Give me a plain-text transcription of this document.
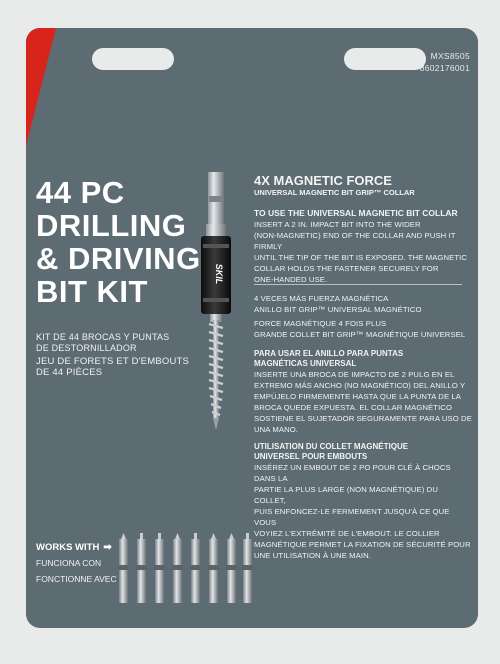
MXS8505
8602176001
44 PC
DRILLING
& DRIVING
BIT KIT
KIT DE 44 BROCAS Y PUNTAS
DE DESTORNILLADOR
JEU DE FORETS ET D'EMBOUTS
DE 44 PIÈCES
SKIL
4X MAGNETIC FORCE
UNIVERSAL MAGNETIC BIT GRIP™ COLLAR
TO USE THE UNIVERSAL MAGNETIC BIT COLLAR
INSERT A 2 IN. IMPACT BIT INTO THE WIDER
(NON-MAGNETIC) END OF THE COLLAR AND PUSH IT FIRMLY
UNTIL THE TIP OF THE BIT IS EXPOSED. THE MAGNETIC
COLLAR HOLDS THE FASTENER SECURELY FOR
ONE-HANDED USE.
4 VECES MÁS FUERZA MAGNÉTICA
ANILLO BIT GRIP™ UNIVERSAL MAGNÉTICO
FORCE MAGNÉTIQUE 4 FOIS PLUS
GRANDE COLLET BIT GRIP™ MAGNÉTIQUE UNIVERSEL
PARA USAR EL ANILLO PARA PUNTAS
MAGNÉTICAS UNIVERSAL
INSERTE UNA BROCA DE IMPACTO DE 2 PULG EN EL
EXTREMO MÁS ANCHO (NO MAGNÉTICO) DEL ANILLO Y
EMPÚJELO FIRMEMENTE HASTA QUE LA PUNTA DE LA
BROCA QUEDE EXPUESTA. EL COLLAR MAGNÉTICO
SOSTIENE EL SUJETADOR SEGURAMENTE PARA USO DE
UNA MANO.
UTILISATION DU COLLET MAGNÉTIQUE
UNIVERSEL POUR EMBOUTS
INSÉREZ UN EMBOUT DE 2 PO POUR CLÉ À CHOCS DANS LA
PARTIE LA PLUS LARGE (NON MAGNÉTIQUE) DU COLLET,
PUIS ENFONCEZ-LE FERMEMENT JUSQU'À CE QUE VOUS
VOYIEZ L'EXTRÉMITÉ DE L'EMBOUT. LE COLLIER
MAGNÉTIQUE PERMET LA FIXATION DE SÉCURITÉ POUR
UNE UTILISATION À UNE MAIN.
WORKS WITH ➡
FUNCIONA CON
FONCTIONNE AVEC
